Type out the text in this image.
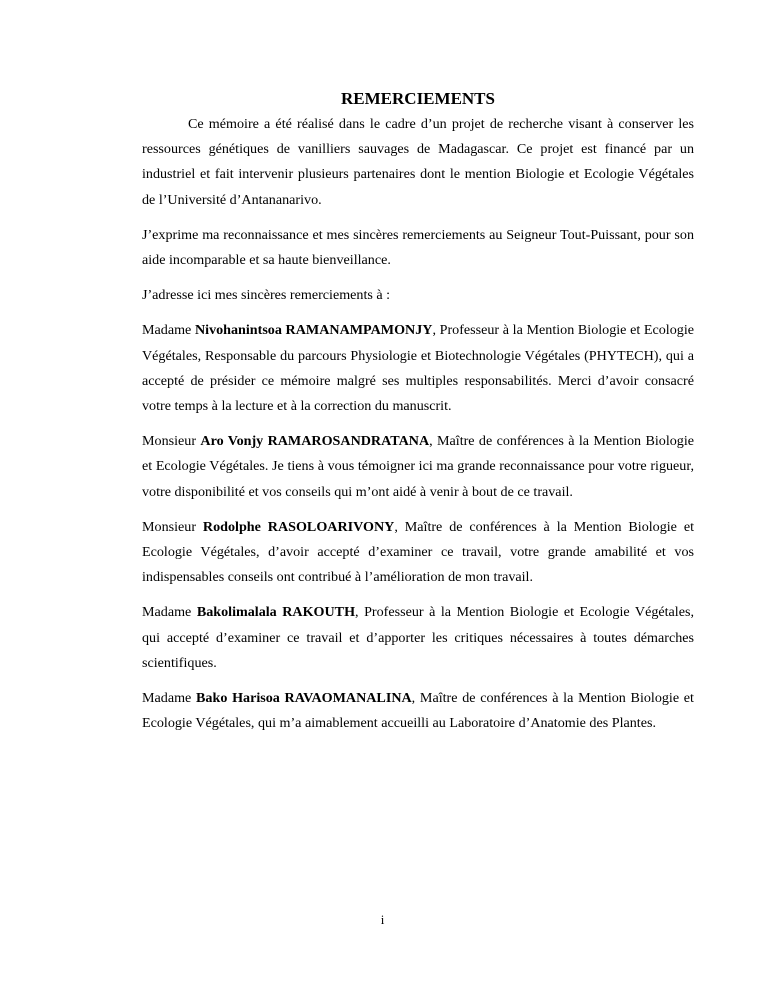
REMERCIEMENTS

Ce mémoire a été réalisé dans le cadre d’un projet de recherche visant à conserver les ressources génétiques de vanilliers sauvages de Madagascar. Ce projet est financé par un industriel et fait intervenir plusieurs partenaires dont le mention Biologie et Ecologie Végétales de l’Université d’Antananarivo.

J’exprime ma reconnaissance et mes sincères remerciements au Seigneur Tout-Puissant, pour son aide incomparable et sa haute bienveillance.

J’adresse ici mes sincères remerciements à :

Madame Nivohanintsoa RAMANAMPAMONJY, Professeur à la Mention Biologie et Ecologie Végétales, Responsable du parcours Physiologie et Biotechnologie Végétales (PHYTECH), qui a accepté de présider ce mémoire malgré ses multiples responsabilités. Merci d’avoir consacré votre temps à la lecture et à la correction du manuscrit.

Monsieur Aro Vonjy RAMAROSANDRATANA, Maître de conférences à la Mention Biologie et Ecologie Végétales. Je tiens à vous témoigner ici ma grande reconnaissance pour votre rigueur, votre disponibilité et vos conseils qui m’ont aidé à venir à bout de ce travail.

Monsieur Rodolphe RASOLOARIVONY, Maître de conférences à la Mention Biologie et Ecologie Végétales, d’avoir accepté d’examiner ce travail, votre grande amabilité et vos indispensables conseils ont contribué à l’amélioration de mon travail.

Madame Bakolimalala RAKOUTH, Professeur à la Mention Biologie et Ecologie Végétales, qui accepté d’examiner ce travail et d’apporter les critiques nécessaires à toutes démarches scientifiques.

Madame Bako Harisoa RAVAOMANALINA, Maître de conférences à la Mention Biologie et Ecologie Végétales, qui m’a aimablement accueilli au Laboratoire d’Anatomie des Plantes.

i
